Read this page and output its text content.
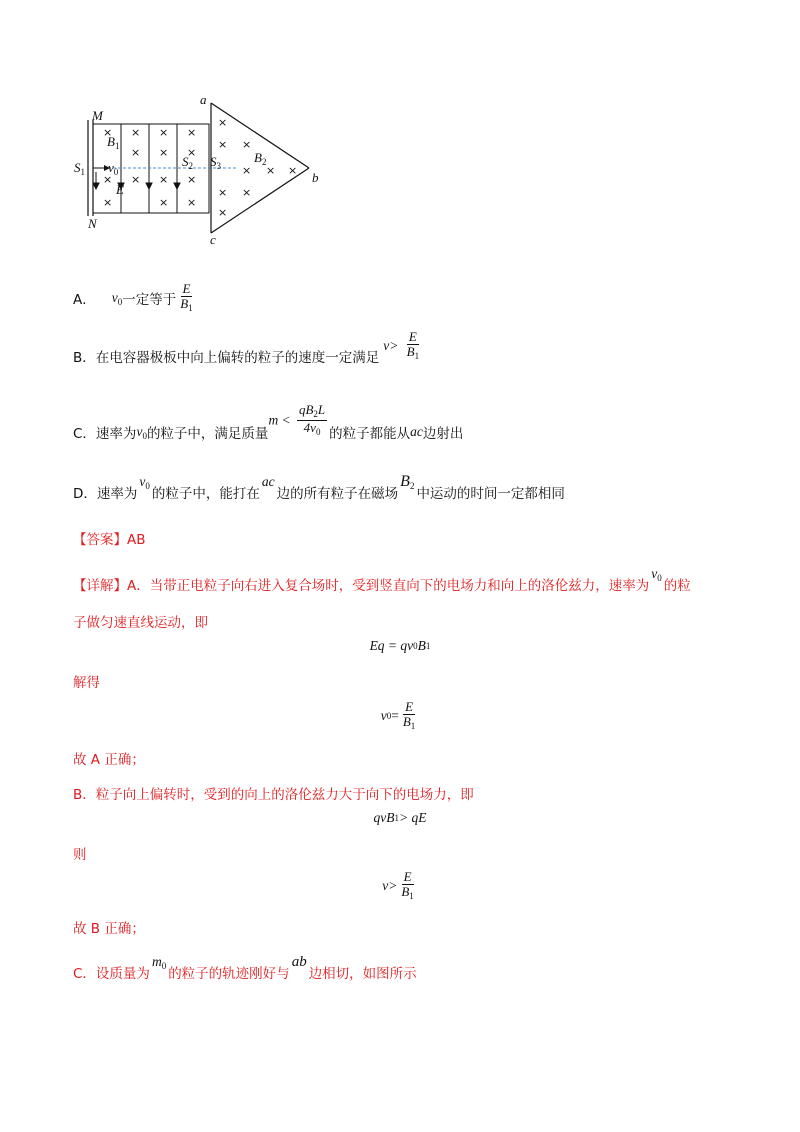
× × × ×
× × ×
× × × ×
×	× ×
×
× ×
× × ×
× ×
×
M
N
$S_1$ $v_0$
$B_1$
E
$S_2$ $S_3$
$B_2$
a
b
c
A． $v_0$ 一定等于 $\frac{E}{B_1}$
B．在电容器极板中向上偏转的粒子的速度一定满足
$v> \frac{E}{B_1}$
C．速率为 $v_0$ 的粒子中，满足质量
$m < \frac{qB_2L}{4v_0}$ 的粒子都能从 ac 边射出
D．速率为
$v_0$
的粒子中，能打在
ac
边的所有粒子在磁场
$B_2$ 中运动的时间一定都相同
【答案】AB
【详解】A．当带正电粒子向右进入复合场时，受到竖直向下的电场力和向上的洛伦兹力，速率为
$v_0$
的粒
子做匀速直线运动，即
Eq = qv 0 B 1
解得
v $0 = \frac{E}{B_1}$
故 A 正确；
B．粒子向上偏转时，受到的向上的洛伦兹力大于向下的电场力，即
qvB 1 > qE
则
$v> \frac{E}{B_1}$
故 B 正确；
C．设质量为
$m_0$
的粒子的轨迹刚好与
ab
边相切，如图所示
